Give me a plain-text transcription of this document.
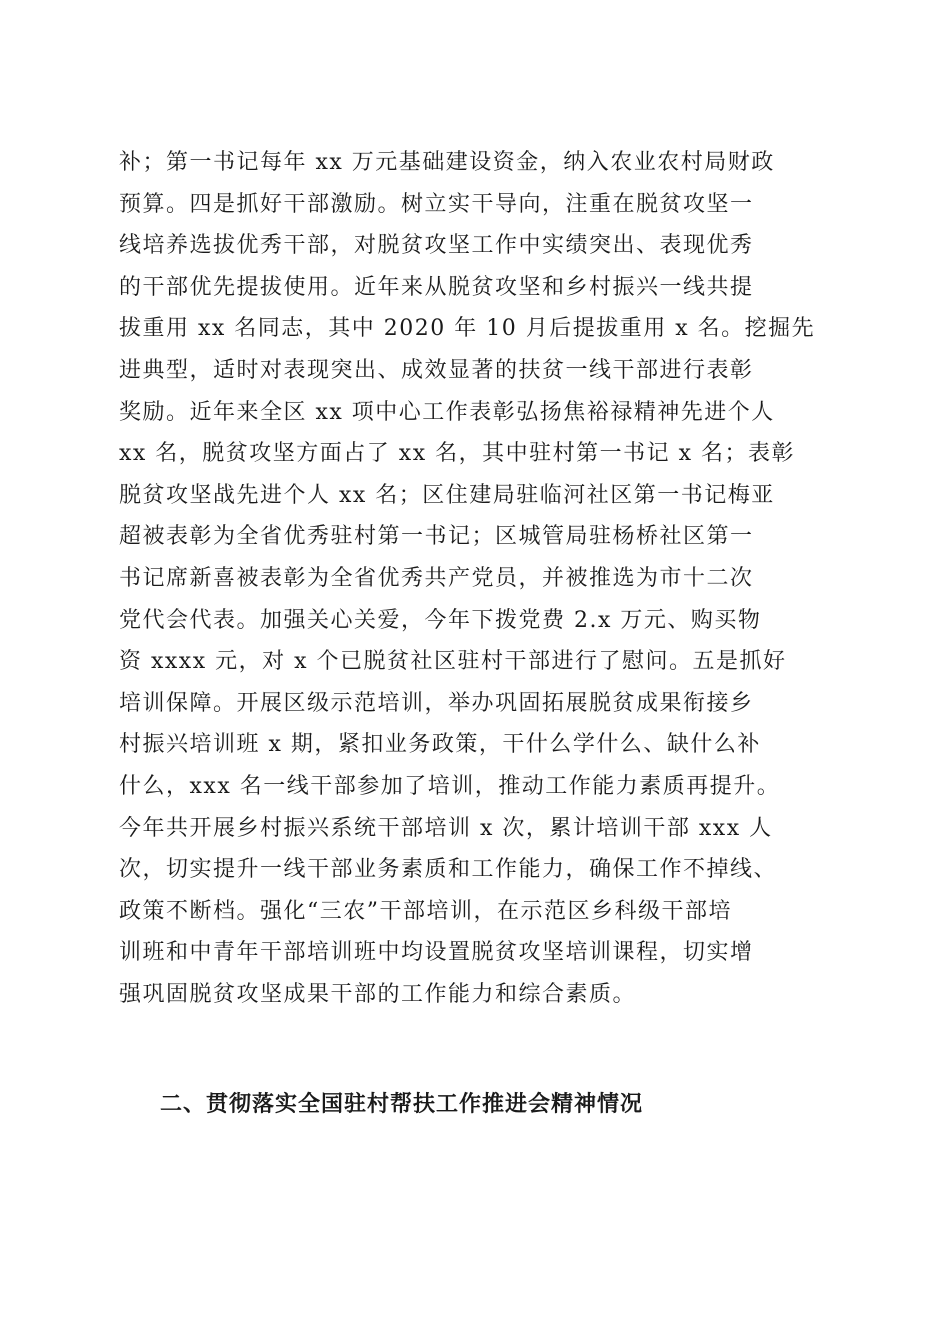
补；第一书记每年 xx 万元基础建设资金，纳入农业农村局财政
预算。四是抓好干部激励。树立实干导向，注重在脱贫攻坚一
线培养选拔优秀干部，对脱贫攻坚工作中实绩突出、表现优秀
的干部优先提拔使用。近年来从脱贫攻坚和乡村振兴一线共提
拔重用 xx 名同志，其中 2020 年 10 月后提拔重用 x 名。挖掘先
进典型，适时对表现突出、成效显著的扶贫一线干部进行表彰
奖励。近年来全区 xx 项中心工作表彰弘扬焦裕禄精神先进个人
xx 名，脱贫攻坚方面占了 xx 名，其中驻村第一书记 x 名；表彰
脱贫攻坚战先进个人 xx 名；区住建局驻临河社区第一书记梅亚
超被表彰为全省优秀驻村第一书记；区城管局驻杨桥社区第一
书记席新喜被表彰为全省优秀共产党员，并被推选为市十二次
党代会代表。加强关心关爱，今年下拨党费 2.x 万元、购买物
资 xxxx 元，对 x 个已脱贫社区驻村干部进行了慰问。五是抓好
培训保障。开展区级示范培训，举办巩固拓展脱贫成果衔接乡
村振兴培训班 x 期，紧扣业务政策，干什么学什么、缺什么补
什么，xxx 名一线干部参加了培训，推动工作能力素质再提升。
今年共开展乡村振兴系统干部培训 x 次，累计培训干部 xxx 人
次，切实提升一线干部业务素质和工作能力，确保工作不掉线、
政策不断档。强化“三农”干部培训，在示范区乡科级干部培
训班和中青年干部培训班中均设置脱贫攻坚培训课程，切实增
强巩固脱贫攻坚成果干部的工作能力和综合素质。
二、贯彻落实全国驻村帮扶工作推进会精神情况
